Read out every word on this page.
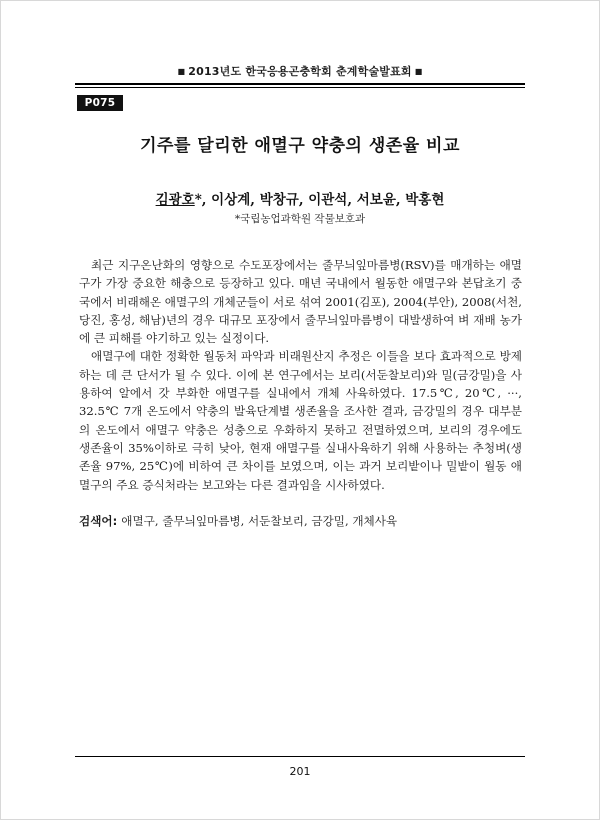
■ 2013년도 한국응용곤충학회 춘계학술발표회 ■
P075
기주를 달리한 애멸구 약충의 생존율 비교
김광호*, 이상계, 박창규, 이관석, 서보윤, 박홍현
*국립농업과학원 작물보호과

최근 지구온난화의 영향으로 수도포장에서는 줄무늬잎마름병(RSV)를 매개하는 애멸구가 가장 중요한 해충으로 등장하고 있다. 매년 국내에서 월동한 애멸구와 본답초기 중국에서 비래해온 애멸구의 개체군들이 서로 섞여 2001(김포), 2004(부안), 2008(서천, 당진, 홍성, 해남)년의 경우 대규모 포장에서 줄무늬잎마름병이 대발생하여 벼 재배 농가에 큰 피해를 야기하고 있는 실정이다.

애멸구에 대한 정확한 월동처 파악과 비래원산지 추정은 이들을 보다 효과적으로 방제하는 데 큰 단서가 될 수 있다. 이에 본 연구에서는 보리(서둔찰보리)와 밀(금강밀)을 사용하여 알에서 갓 부화한 애멸구를 실내에서 개체 사육하였다. 17.5℃, 20℃, ···, 32.5℃ 7개 온도에서 약충의 발육단계별 생존율을 조사한 결과, 금강밀의 경우 대부분의 온도에서 애멸구 약충은 성충으로 우화하지 못하고 전멸하였으며, 보리의 경우에도 생존율이 35%이하로 극히 낮아, 현재 애멸구를 실내사육하기 위해 사용하는 추청벼(생존율 97%, 25℃)에 비하여 큰 차이를 보였으며, 이는 과거 보리밭이나 밀밭이 월동 애멸구의 주요 증식처라는 보고와는 다른 결과임을 시사하였다.

검색어: 애멸구, 줄무늬잎마름병, 서둔찰보리, 금강밀, 개체사육
201
